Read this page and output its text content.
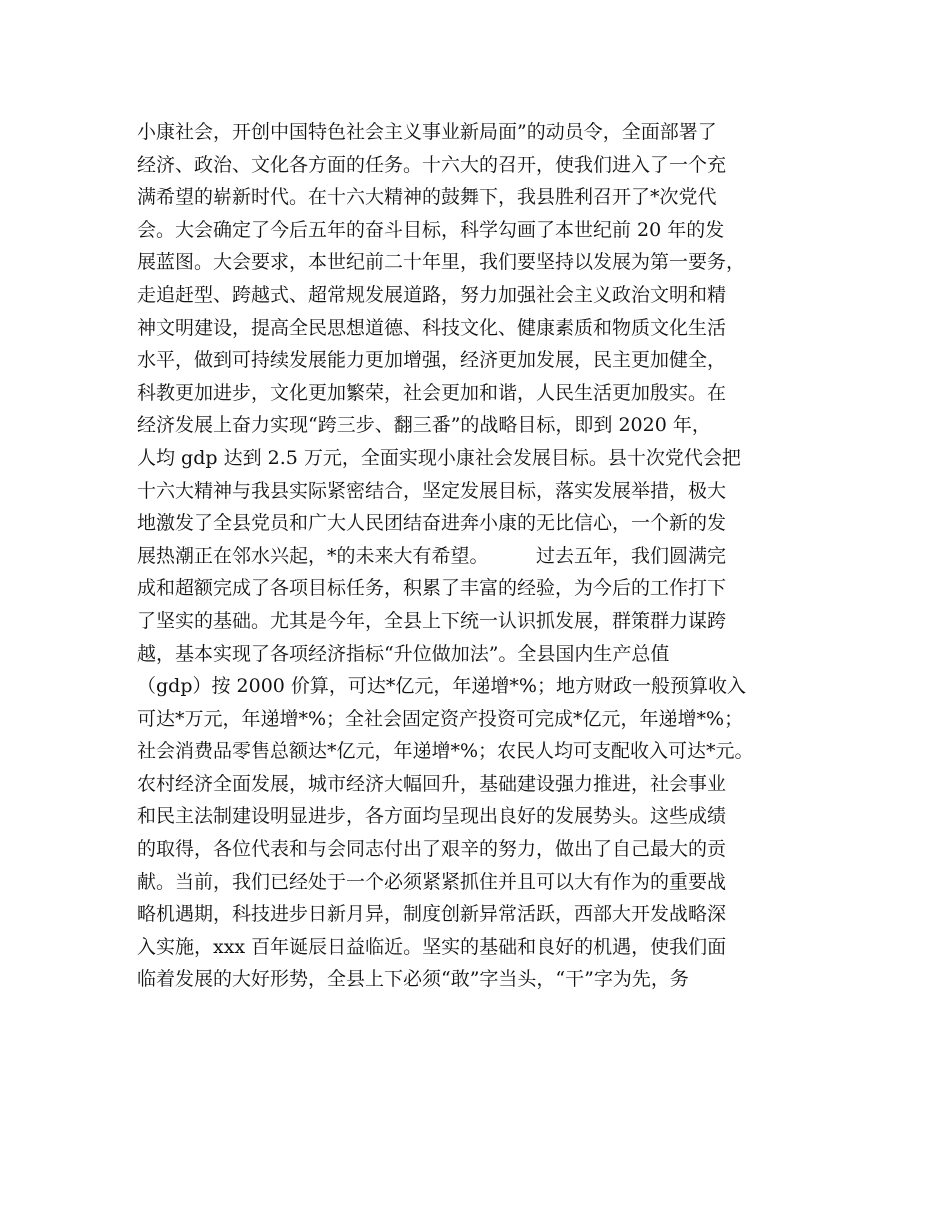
小康社会，开创中国特色社会主义事业新局面”的动员令，全面部署了
经济、政治、文化各方面的任务。十六大的召开，使我们进入了一个充
满希望的崭新时代。在十六大精神的鼓舞下，我县胜利召开了*次党代
会。大会确定了今后五年的奋斗目标，科学勾画了本世纪前 20 年的发
展蓝图。大会要求，本世纪前二十年里，我们要坚持以发展为第一要务，
走追赶型、跨越式、超常规发展道路，努力加强社会主义政治文明和精
神文明建设，提高全民思想道德、科技文化、健康素质和物质文化生活
水平，做到可持续发展能力更加增强，经济更加发展，民主更加健全，
科教更加进步，文化更加繁荣，社会更加和谐，人民生活更加殷实。在
经济发展上奋力实现“跨三步、翻三番”的战略目标，即到 2020 年，
人均 gdp 达到 2.5 万元，全面实现小康社会发展目标。县十次党代会把
十六大精神与我县实际紧密结合，坚定发展目标，落实发展举措，极大
地激发了全县党员和广大人民团结奋进奔小康的无比信心，一个新的发
展热潮正在邻水兴起，*的未来大有希望。　　　过去五年，我们圆满完
成和超额完成了各项目标任务，积累了丰富的经验，为今后的工作打下
了坚实的基础。尤其是今年，全县上下统一认识抓发展，群策群力谋跨
越，基本实现了各项经济指标“升位做加法”。全县国内生产总值
（gdp）按 2000 价算，可达*亿元，年递增*%；地方财政一般预算收入
可达*万元，年递增*%；全社会固定资产投资可完成*亿元，年递增*%；
社会消费品零售总额达*亿元，年递增*%；农民人均可支配收入可达*元。
农村经济全面发展，城市经济大幅回升，基础建设强力推进，社会事业
和民主法制建设明显进步，各方面均呈现出良好的发展势头。这些成绩
的取得，各位代表和与会同志付出了艰辛的努力，做出了自己最大的贡
献。当前，我们已经处于一个必须紧紧抓住并且可以大有作为的重要战
略机遇期，科技进步日新月异，制度创新异常活跃，西部大开发战略深
入实施，xxx 百年诞辰日益临近。坚实的基础和良好的机遇，使我们面
临着发展的大好形势，全县上下必须“敢”字当头，“干”字为先，务
